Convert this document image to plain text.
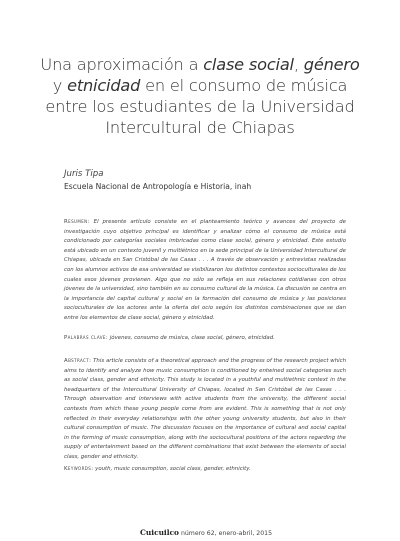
Una aproximación a clase social, género y etnicidad en el consumo de música entre los estudiantes de la Universidad Intercultural de Chiapas
Juris Tipa
Escuela Nacional de Antropología e Historia, inah
Resumen: El presente artículo consiste en el planteamiento teórico y avances del proyecto de investigación cuyo objetivo principal es identificar y analizar cómo el consumo de música está condicionado por categorías sociales imbricadas como clase social, género y etnicidad. Este estudio está ubicado en un contexto juvenil y multiétnico en la sede principal de la Universidad Intercultural de Chiapas, ubicada en San Cristóbal de las Casas . . . A través de observación y entrevistas realizadas con los alumnos activos de esa universidad se visibilizaron los distintos contextos socioculturales de los cuales esos jóvenes provienen. Algo que no sólo se refleja en sus relaciones cotidianas con otros jóvenes de la universidad, sino también en su consumo cultural de la música. La discusión se centra en la importancia del capital cultural y social en la formación del consumo de música y las posiciones socioculturales de los actores ante la oferta del ocio según los distintos combinaciones que se dan entre los elementos de clase social, género y etnicidad.
Palabras clave: jóvenes, consumo de música, clase social, género, etnicidad.
Abstract: This article consists of a theoretical approach and the progress of the research project which aims to identify and analyze how music consumption is conditioned by entwined social categories such as social class, gender and ethnicity. This study is located in a youthful and multiethnic context in the headquarters of the Intercultural University of Chiapas, located in San Cristóbal de las Casas . . . Through observation and interviews with active students from the university, the different social contexts from which these young people come from are evident. This is something that is not only reflected in their everyday relationships with the other young university students, but also in their cultural consumption of music. The discussion focuses on the importance of cultural and social capital in the forming of music consumption, along with the sociocultural positions of the actors regarding the supply of entertainment based on the different combinations that exist between the elements of social class, gender and ethnicity.
Keywords: youth, music consumption, social class, gender, ethnicity.
Cuicuilco número 62, enero-abril, 2015
